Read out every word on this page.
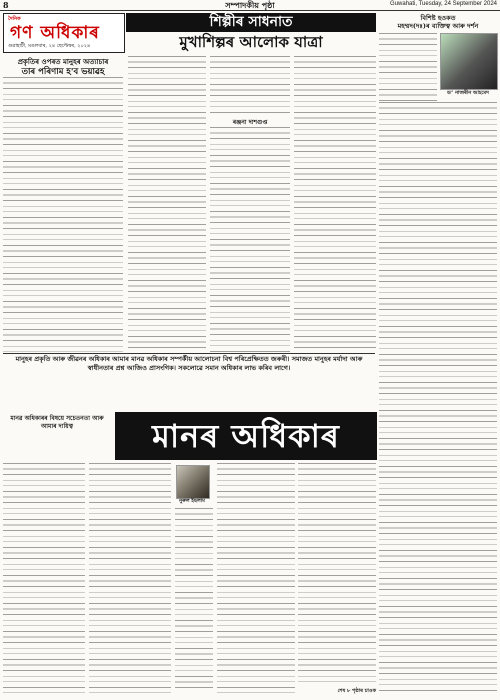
8	সম্পাদকীয় পৃষ্ঠা	Guwahati, Tuesday, 24 September 2024
দৈনিক
গণ অধিকাৰ
গুৱাহাটী, মঙলবাৰ, ২৪ ছেপ্টেম্বৰ, ২০২৪
শিল্পীৰ সাধনাত
মুখাশিল্পৰ আলোক যাত্ৰা
প্ৰকৃতিৰ ওপৰত মানুহৰ অত্যাচাৰ
তাৰ পৰিণাম হ'ব ভয়াৱহ
ৰঞ্জনা দাশগুপ্ত
বিশিষ্ট হওকত
মহম্মদ(দঃ)ৰ ব্যক্তিত্ব আৰু দৰ্শন
ড° নাজৰীন আহমেদ
মানুহৰ প্ৰকৃতি আৰু জীৱনৰ অধিকাৰ আমাৰ মানৱ অধিকাৰ সম্পৰ্কীয় আলোচনা বিশ্ব পৰিপ্ৰেক্ষিতত জৰুৰী। সমাজত মানুহৰ মৰ্যাদা আৰু স্বাধীনতাৰ প্ৰশ্ন আজিও প্ৰাসংগিক। সকলোৱে সমান অধিকাৰ লাভ কৰিব লাগে।
মানৱ অধিকাৰৰ বিষয়ে সচেতনতা আৰু আমাৰ দায়িত্ব	মানৰ অধিকাৰ
নুৰুল ইছলাম
শেষ ৮ পৃষ্ঠাৰ চাওক
